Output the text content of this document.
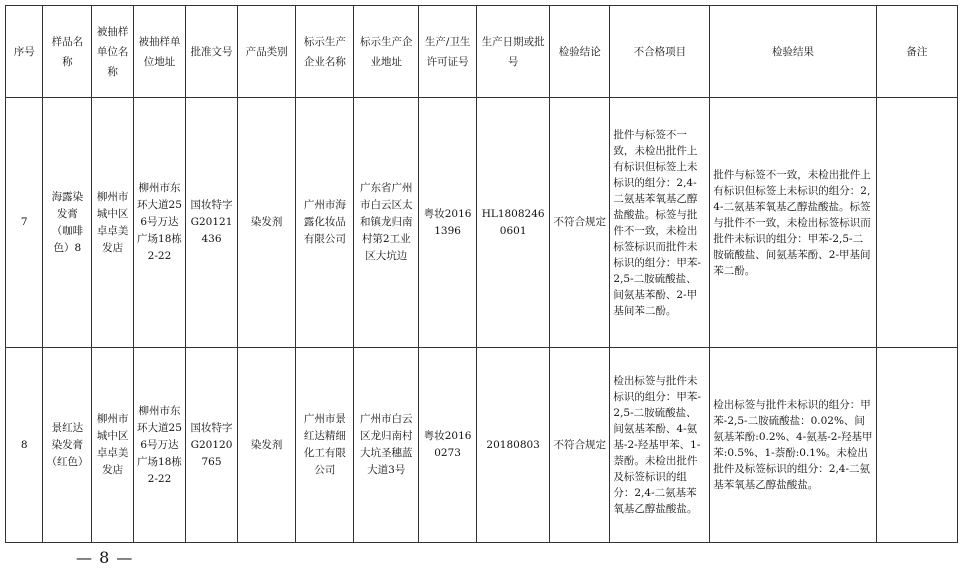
序号	样品名称	被抽样单位名称	被抽样单位地址	批准文号	产品类别	标示生产企业名称	标示生产企业地址	生产/卫生许可证号	生产日期或批号	检验结论	不合格项目	检验结果	备注
7	海露染发膏（咖啡色）8	柳州市城中区卓卓美发店	柳州市东环大道256号万达广场18栋2-22	国妆特字G20121436	染发剂	广州市海露化妆品有限公司	广东省广州市白云区太和镇龙归南村第2工业区大坑边	粤妆20161396	HL18082460601	不符合规定	批件与标签不一致，未检出批件上有标识但标签上未标识的组分：2,4-二氨基苯氧基乙醇盐酸盐。标签与批件不一致，未检出标签标识而批件未标识的组分：甲苯-2,5-二胺硫酸盐、间氨基苯酚、2-甲基间苯二酚。	批件与标签不一致，未检出批件上有标识但标签上未标识的组分：2,4-二氨基苯氧基乙醇盐酸盐。标签与批件不一致，未检出标签标识而批件未标识的组分：甲苯-2,5-二胺硫酸盐、间氨基苯酚、2-甲基间苯二酚。	
8	景红达染发膏（红色）	柳州市城中区卓卓美发店	柳州市东环大道256号万达广场18栋2-22	国妆特字G20120765	染发剂	广州市景红达精细化工有限公司	广州市白云区龙归南村大坑圣穗蓝大道3号	粤妆20160273	20180803	不符合规定	检出标签与批件未标识的组分：甲苯-2,5-二胺硫酸盐、间氨基苯酚、4-氨基-2-羟基甲苯、1-萘酚。未检出批件及标签标识的组分：2,4-二氨基苯氧基乙醇盐酸盐。	检出标签与批件未标识的组分：甲苯-2,5-二胺硫酸盐：0.02%、间氨基苯酚:0.2%、4-氨基-2-羟基甲苯:0.5%、1-萘酚:0.1%。未检出批件及标签标识的组分：2,4-二氨基苯氧基乙醇盐酸盐。	
— 8 —
